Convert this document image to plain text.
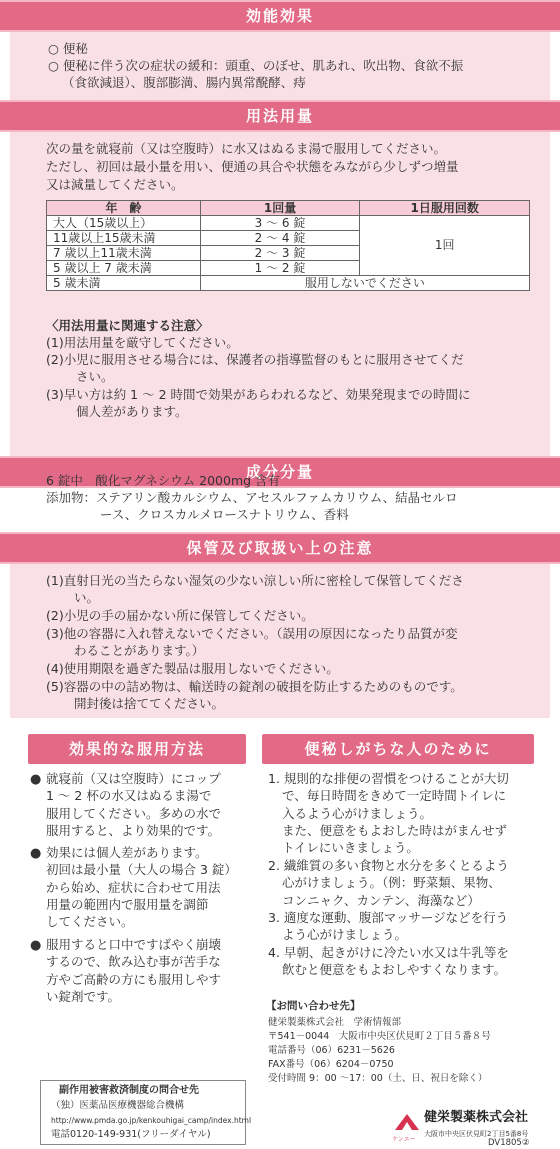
効能効果
○ 便秘
○ 便秘に伴う次の症状の緩和：頭重、のぼせ、肌あれ、吹出物、食欲不振
（食欲減退）、腹部膨満、腸内異常醗酵、痔
用法用量
次の量を就寝前（又は空腹時）に水又はぬるま湯で服用してください。
ただし、初回は最小量を用い、便通の具合や状態をみながら少しずつ増量
又は減量してください。
〈用法用量に関連する注意〉
(1)用法用量を厳守してください。
(2)小児に服用させる場合には、保護者の指導監督のもとに服用させてくだ
さい。
(3)早い方は約 1 ～ 2 時間で効果があらわれるなど、効果発現までの時間に
個人差があります。
年　齢	1回量	1日服用回数
大人（15歳以上）	3 ～ 6 錠	1回
11歳以上15歳未満	2 ～ 4 錠	
7 歳以上11歳未満	2 ～ 3 錠	
5 歳以上 7 歳未満	1 ～ 2 錠	
5 歳未満	服用しないでください	
成分分量
6 錠中　酸化マグネシウム 2000mg 含有
添加物：ステアリン酸カルシウム、アセスルファムカリウム、結晶セルロ
ース、クロスカルメロースナトリウム、香料
保管及び取扱い上の注意
(1)直射日光の当たらない湿気の少ない涼しい所に密栓して保管してくださ
い。
(2)小児の手の届かない所に保管してください。
(3)他の容器に入れ替えないでください。（誤用の原因になったり品質が変
わることがあります。）
(4)使用期限を過ぎた製品は服用しないでください。
(5)容器の中の詰め物は、輸送時の錠剤の破損を防止するためのものです。
開封後は捨ててください。
効果的な服用方法
● 就寝前（又は空腹時）にコップ
1 ～ 2 杯の水又はぬるま湯で
服用してください。多めの水で
服用すると、より効果的です。
● 効果には個人差があります。
初回は最小量（大人の場合 3 錠）
から始め、症状に合わせて用法
用量の範囲内で服用量を調節
してください。
● 服用すると口中ですばやく崩壊
するので、飲み込む事が苦手な
方やご高齢の方にも服用しやす
い錠剤です。
便秘しがちな人のために
1. 規則的な排便の習慣をつけることが大切
で、毎日時間をきめて一定時間トイレに
入るよう心がけましょう。
また、便意をもよおした時はがまんせず
トイレにいきましょう。
2. 繊維質の多い食物と水分を多くとるよう
心がけましょう。（例：野菜類、果物、
コンニャク、カンテン、海藻など）
3. 適度な運動、腹部マッサージなどを行う
よう心がけましょう。
4. 早朝、起きがけに冷たい水又は牛乳等を
飲むと便意をもよおしやすくなります。
【お問い合わせ先】
健栄製薬株式会社　学術情報部
〒541－0044　大阪市中央区伏見町２丁目５番８号
電話番号（06）6231－5626
FAX番号（06）6204－0750
受付時間 9：00 ～17：00（土、日、祝日を除く）
副作用被害救済制度の問合せ先
（独）医薬品医療機器総合機構
http://www.pmda.go.jp/kenkouhigai_camp/index.html
電話0120-149-931(フリーダイヤル)	ケンエー
健栄製薬株式会社
大阪市中央区伏見町2丁目5番8号
DV1805②
